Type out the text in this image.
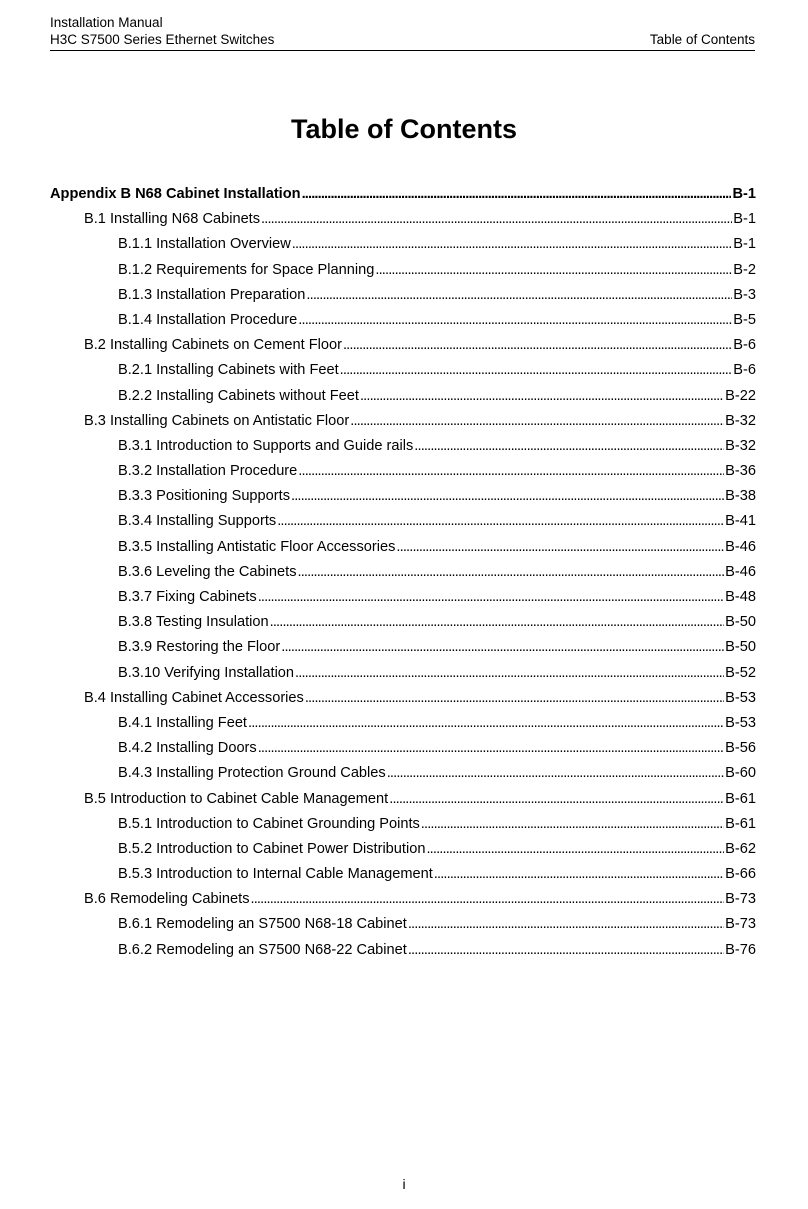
Installation Manual
H3C S7500 Series Ethernet Switches	Table of Contents
Table of Contents
Appendix B N68 Cabinet Installation . . .	B-1
B.1 Installing N68 Cabinets . . .	B-1
B.1.1 Installation Overview . . .	B-1
B.1.2 Requirements for Space Planning . . .	B-2
B.1.3 Installation Preparation . . .	B-3
B.1.4 Installation Procedure . . .	B-5
B.2 Installing Cabinets on Cement Floor . . .	B-6
B.2.1 Installing Cabinets with Feet . . .	B-6
B.2.2 Installing Cabinets without Feet . . .	B-22
B.3 Installing Cabinets on Antistatic Floor . . .	B-32
B.3.1 Introduction to Supports and Guide rails . . .	B-32
B.3.2 Installation Procedure . . .	B-36
B.3.3 Positioning Supports . . .	B-38
B.3.4 Installing Supports . . .	B-41
B.3.5 Installing Antistatic Floor Accessories . . .	B-46
B.3.6 Leveling the Cabinets . . .	B-46
B.3.7 Fixing Cabinets . . .	B-48
B.3.8 Testing Insulation . . .	B-50
B.3.9 Restoring the Floor . . .	B-50
B.3.10 Verifying Installation . . .	B-52
B.4 Installing Cabinet Accessories . . .	B-53
B.4.1 Installing Feet . . .	B-53
B.4.2 Installing Doors . . .	B-56
B.4.3 Installing Protection Ground Cables . . .	B-60
B.5 Introduction to Cabinet Cable Management . . .	B-61
B.5.1 Introduction to Cabinet Grounding Points . . .	B-61
B.5.2 Introduction to Cabinet Power Distribution . . .	B-62
B.5.3 Introduction to Internal Cable Management . . .	B-66
B.6 Remodeling Cabinets . . .	B-73
B.6.1 Remodeling an S7500 N68-18 Cabinet . . .	B-73
B.6.2 Remodeling an S7500 N68-22 Cabinet . . .	B-76
i
